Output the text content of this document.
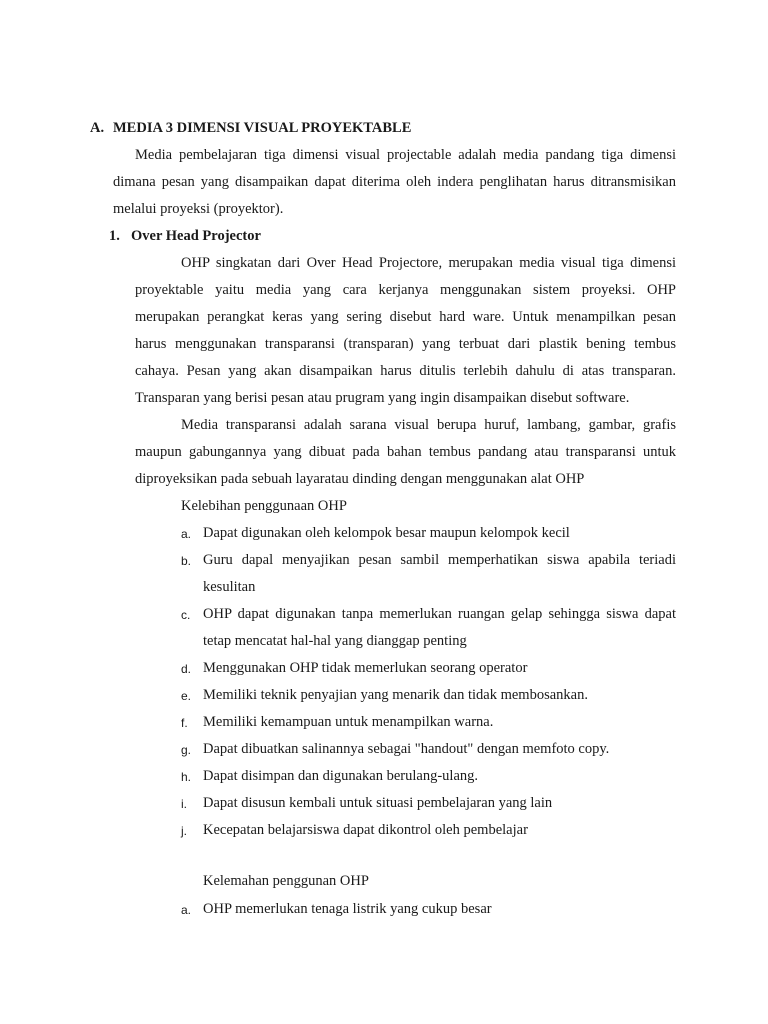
A. MEDIA 3 DIMENSI VISUAL PROYEKTABLE
Media pembelajaran tiga dimensi visual projectable adalah media pandang tiga dimensi
dimana pesan yang disampaikan dapat diterima oleh indera penglihatan harus ditransmisikan
melalui proyeksi (proyektor).
1. Over Head Projector
OHP singkatan dari Over Head Projectore, merupakan media visual tiga dimensi
proyektable yaitu media yang cara kerjanya menggunakan sistem proyeksi. OHP
merupakan perangkat keras yang sering disebut hard ware. Untuk menampilkan pesan
harus menggunakan transparansi (transparan) yang terbuat dari plastik bening tembus
cahaya. Pesan yang akan disampaikan harus ditulis terlebih dahulu di atas transparan.
Transparan yang berisi pesan atau prugram yang ingin disampaikan disebut software.
Media transparansi adalah sarana visual berupa huruf, lambang, gambar, grafis
maupun gabungannya yang dibuat pada bahan tembus pandang atau transparansi untuk
diproyeksikan pada sebuah layaratau dinding dengan menggunakan alat OHP
Kelebihan penggunaan OHP
a. Dapat digunakan oleh kelompok besar maupun kelompok kecil
b. Guru dapal menyajikan pesan sambil memperhatikan siswa apabila teriadi
kesulitan
c. OHP dapat digunakan tanpa memerlukan ruangan gelap sehingga siswa dapat
tetap mencatat hal-hal yang dianggap penting
d. Menggunakan OHP tidak memerlukan seorang operator
e. Memiliki teknik penyajian yang menarik dan tidak membosankan.
f. Memiliki kemampuan untuk menampilkan warna.
g. Dapat dibuatkan salinannya sebagai "handout" dengan memfoto copy.
h. Dapat disimpan dan digunakan berulang-ulang.
i. Dapat disusun kembali untuk situasi pembelajaran yang lain
j. Kecepatan belajarsiswa dapat dikontrol oleh pembelajar
Kelemahan penggunan OHP
a. OHP memerlukan tenaga listrik yang cukup besar
